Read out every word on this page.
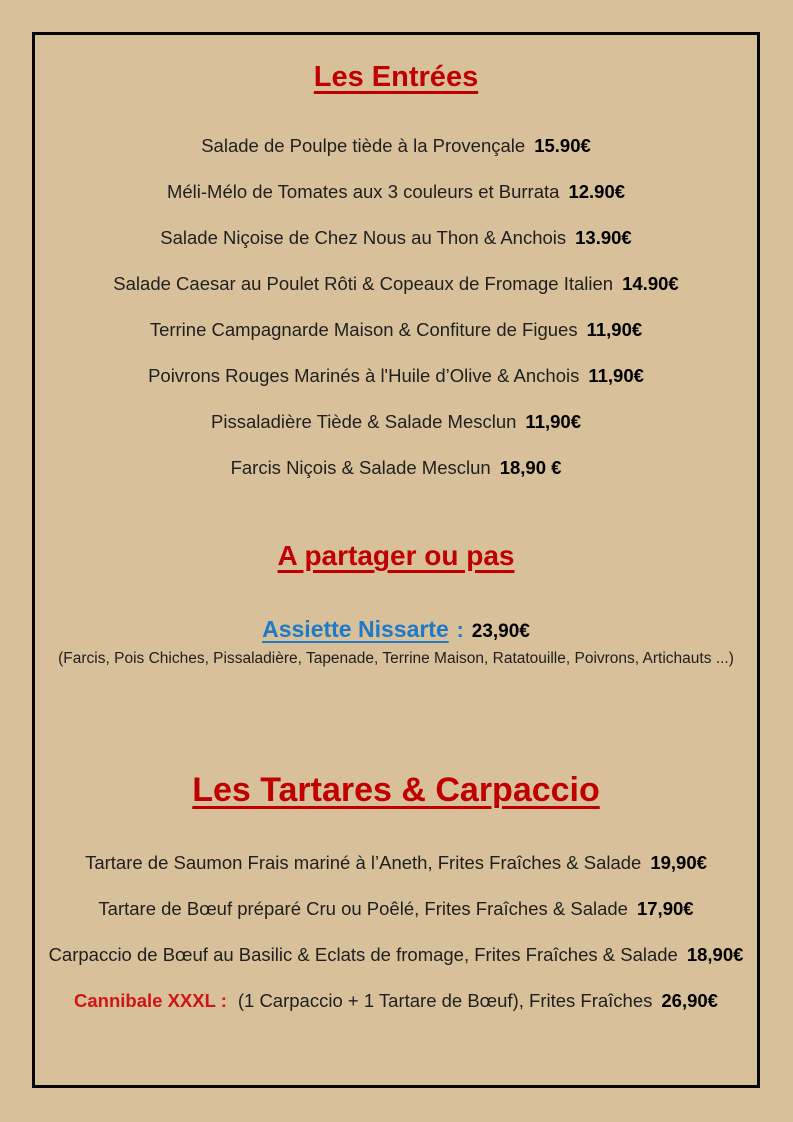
Les Entrées
Salade de Poulpe tiède à la Provençale 15.90€
Méli-Mélo de Tomates aux 3 couleurs et Burrata 12.90€
Salade Niçoise de Chez Nous au Thon & Anchois 13.90€
Salade Caesar au Poulet Rôti & Copeaux de Fromage Italien 14.90€
Terrine Campagnarde Maison & Confiture de Figues 11,90€
Poivrons Rouges Marinés à l'Huile d’Olive & Anchois 11,90€
Pissaladière Tiède & Salade Mesclun 11,90€
Farcis Niçois & Salade Mesclun 18,90 €
A partager ou pas
Assiette Nissarte : 23,90€
(Farcis, Pois Chiches, Pissaladière, Tapenade, Terrine Maison, Ratatouille, Poivrons, Artichauts ...)
Les Tartares & Carpaccio
Tartare de Saumon Frais mariné à l’Aneth, Frites Fraîches & Salade 19,90€
Tartare de Bœuf préparé Cru ou Poêlé, Frites Fraîches & Salade 17,90€
Carpaccio de Bœuf au Basilic & Eclats de fromage, Frites Fraîches & Salade 18,90€
Cannibale XXXL : (1 Carpaccio + 1 Tartare de Bœuf), Frites Fraîches 26,90€
